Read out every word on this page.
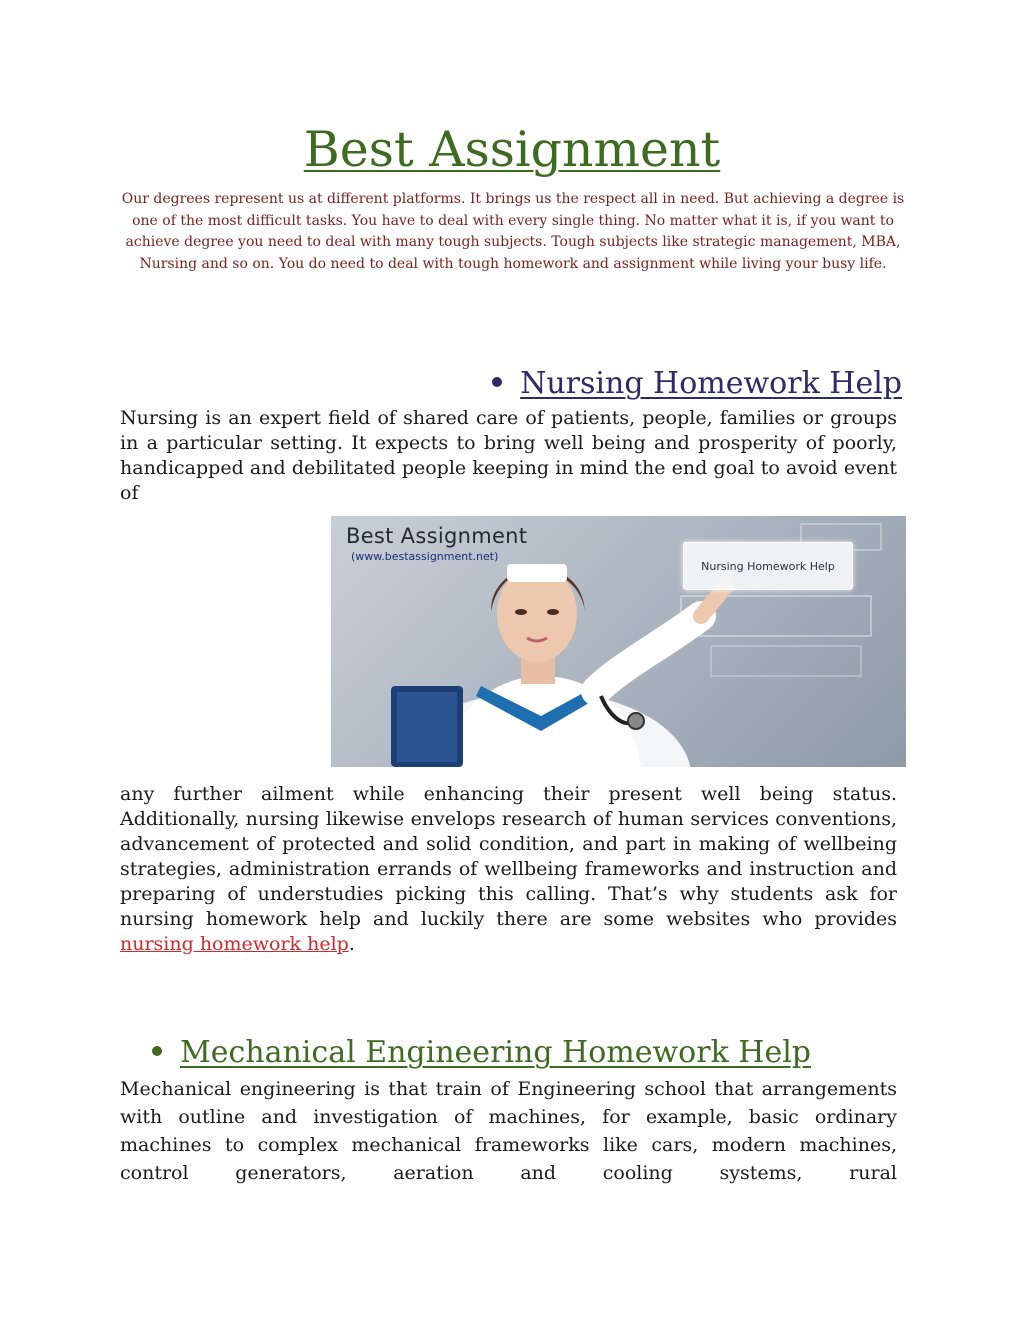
Best Assignment

Our degrees represent us at different platforms. It brings us the respect all in need. But achieving a degree is one of the most difficult tasks. You have to deal with every single thing. No matter what it is, if you want to achieve degree you need to deal with many tough subjects. Tough subjects like strategic management, MBA, Nursing and so on. You do need to deal with tough homework and assignment while living your busy life.

Nursing Homework Help

Nursing is an expert field of shared care of patients, people, families or groups in a particular setting. It expects to bring well being and prosperity of poorly, handicapped and debilitated people keeping in mind the end goal to avoid event of

Best Assignment

(www.bestassignment.net)

Nursing Homework Help

any further ailment while enhancing their present well being status. Additionally, nursing likewise envelops research of human services conventions, advancement of protected and solid condition, and part in making of wellbeing strategies, administration errands of wellbeing frameworks and instruction and preparing of understudies picking this calling. That’s why students ask for nursing homework help and luckily there are some websites who provides nursing homework help.

Mechanical Engineering Homework Help

Mechanical engineering is that train of Engineering school that arrangements with outline and investigation of machines, for example, basic ordinary machines to complex mechanical frameworks like cars, modern machines, control generators, aeration and cooling systems, rural
